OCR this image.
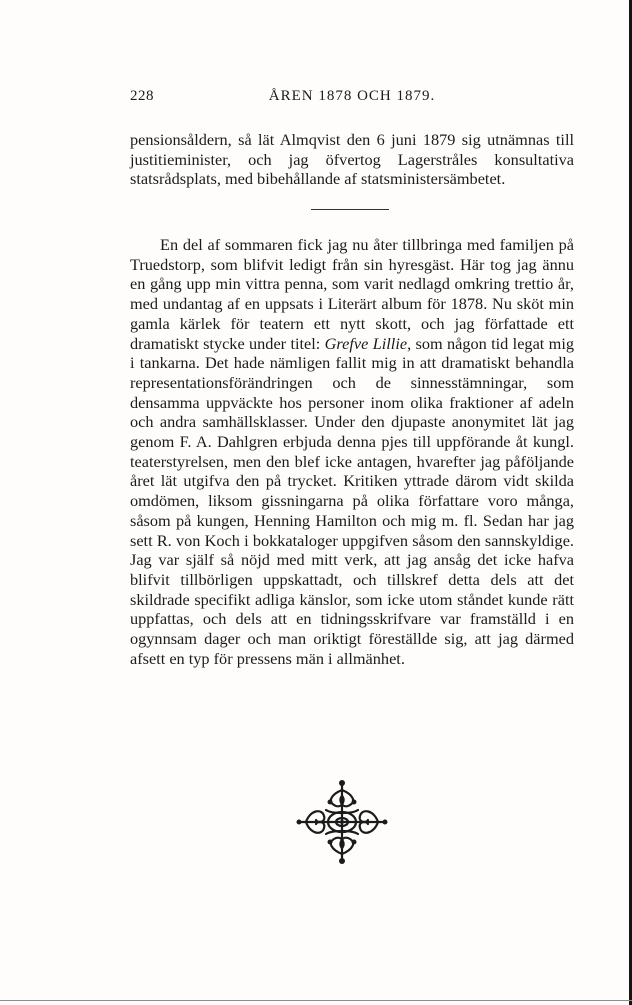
228	ÅREN 1878 OCH 1879.

pensionsåldern, så lät Almqvist den 6 juni 1879 sig utnämnas till justitieminister, och jag öfvertog Lagerstråles konsultativa statsrådsplats, med bibehållande af statsministersämbetet.

En del af sommaren fick jag nu åter tillbringa med familjen på Truedstorp, som blifvit ledigt från sin hyresgäst. Här tog jag ännu en gång upp min vittra penna, som varit nedlagd omkring trettio år, med undantag af en uppsats i Literärt album för 1878. Nu sköt min gamla kärlek för teatern ett nytt skott, och jag författade ett dramatiskt stycke under titel: Grefve Lillie, som någon tid legat mig i tankarna. Det hade nämligen fallit mig in att dramatiskt behandla representationsförändringen och de sinnesstämningar, som densamma uppväckte hos personer inom olika fraktioner af adeln och andra samhällsklasser. Under den djupaste anonymitet lät jag genom F. A. Dahlgren erbjuda denna pjes till uppförande åt kungl. teaterstyrelsen, men den blef icke antagen, hvarefter jag påföljande året lät utgifva den på trycket. Kritiken yttrade därom vidt skilda omdömen, liksom gissningarna på olika författare voro många, såsom på kungen, Henning Hamilton och mig m. fl. Sedan har jag sett R. von Koch i bokkataloger uppgifven såsom den sannskyldige. Jag var själf så nöjd med mitt verk, att jag ansåg det icke hafva blifvit tillbörligen uppskattadt, och tillskref detta dels att det skildrade specifikt adliga känslor, som icke utom ståndet kunde rätt uppfattas, och dels att en tidningsskrifvare var framställd i en ogynnsam dager och man oriktigt föreställde sig, att jag därmed afsett en typ för pressens män i allmänhet.
